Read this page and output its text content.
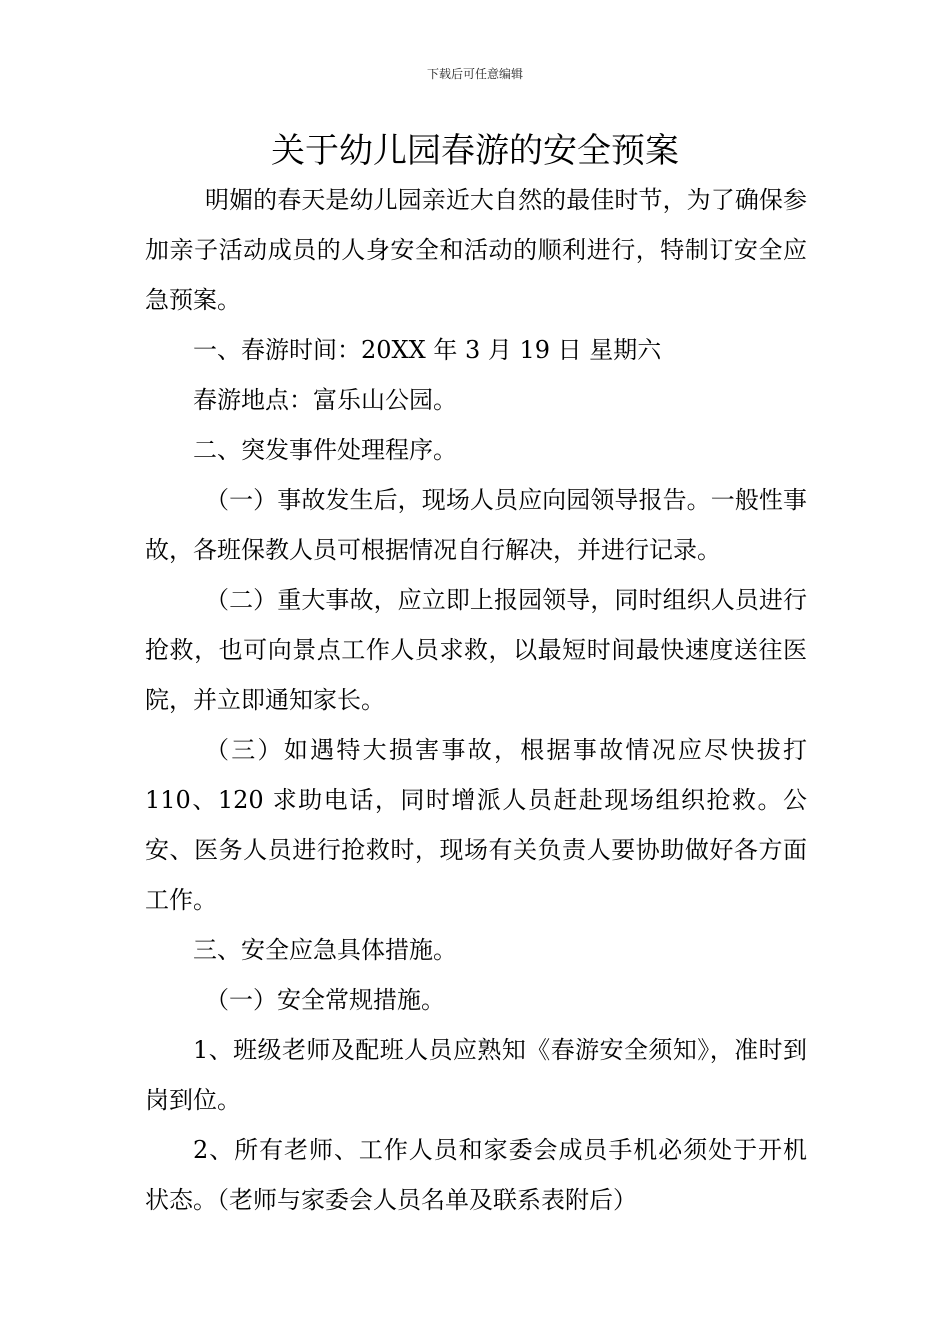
下载后可任意编辑
关于幼儿园春游的安全预案

明媚的春天是幼儿园亲近大自然的最佳时节，为了确保参加亲子活动成员的人身安全和活动的顺利进行，特制订安全应急预案。

一、春游时间：20XX 年 3 月 19 日 星期六

春游地点：富乐山公园。

二、突发事件处理程序。

（一）事故发生后，现场人员应向园领导报告。一般性事故，各班保教人员可根据情况自行解决，并进行记录。

（二）重大事故，应立即上报园领导，同时组织人员进行抢救，也可向景点工作人员求救，以最短时间最快速度送往医院，并立即通知家长。

（三）如遇特大损害事故，根据事故情况应尽快拔打 110、120 求助电话，同时增派人员赶赴现场组织抢救。公安、医务人员进行抢救时，现场有关负责人要协助做好各方面工作。

三、安全应急具体措施。

（一）安全常规措施。

1、班级老师及配班人员应熟知《春游安全须知》，准时到岗到位。

2、所有老师、工作人员和家委会成员手机必须处于开机状态。（老师与家委会人员名单及联系表附后）
